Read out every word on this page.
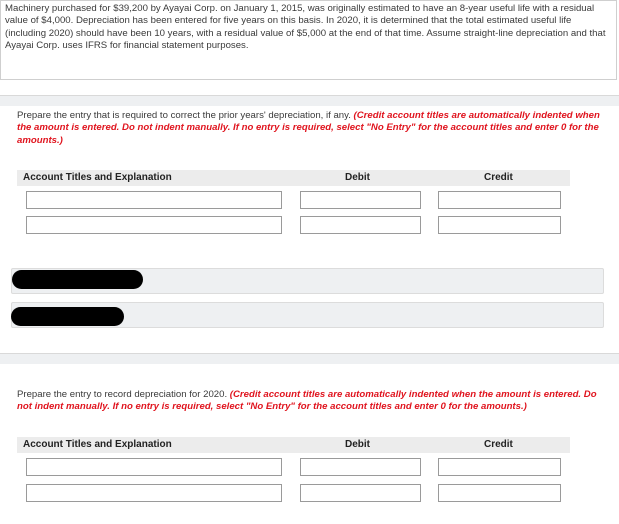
Machinery purchased for $39,200 by Ayayai Corp. on January 1, 2015, was originally estimated to have an 8-year useful life with a residual value of $4,000. Depreciation has been entered for five years on this basis. In 2020, it is determined that the total estimated useful life (including 2020) should have been 10 years, with a residual value of $5,000 at the end of that time. Assume straight-line depreciation and that Ayayai Corp. uses IFRS for financial statement purposes.
Prepare the entry that is required to correct the prior years' depreciation, if any. (Credit account titles are automatically indented when the amount is entered. Do not indent manually. If no entry is required, select "No Entry" for the account titles and enter 0 for the amounts.)
Account Titles and Explanation	Debit	Credit
Prepare the entry to record depreciation for 2020. (Credit account titles are automatically indented when the amount is entered. Do not indent manually. If no entry is required, select "No Entry" for the account titles and enter 0 for the amounts.)
Account Titles and Explanation	Debit	Credit
